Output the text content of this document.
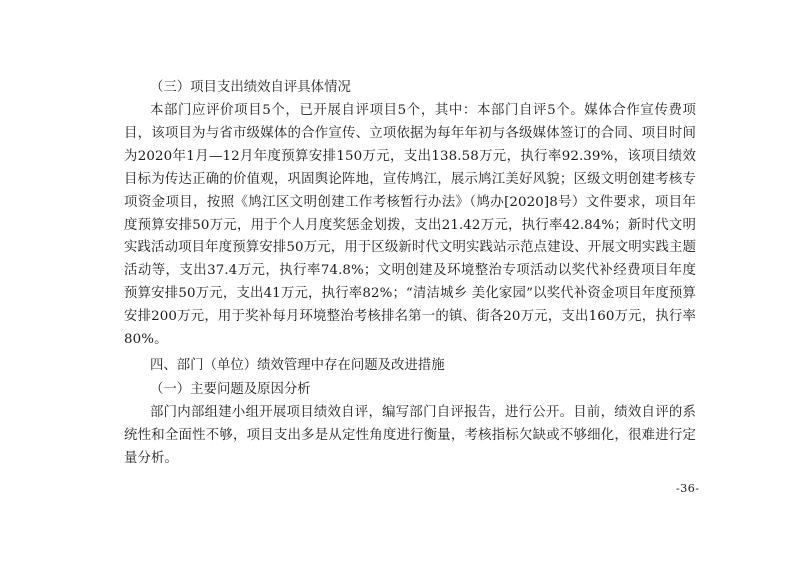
（三）项目支出绩效自评具体情况

本部门应评价项目5个，已开展自评项目5个，其中：本部门自评5个。媒体合作宣传费项目，该项目为与省市级媒体的合作宣传、立项依据为每年年初与各级媒体签订的合同、项目时间为2020年1月—12月年度预算安排150万元，支出138.58万元，执行率92.39%，该项目绩效目标为传达正确的价值观，巩固舆论阵地，宣传鸠江，展示鸠江美好风貌；区级文明创建考核专项资金项目，按照《鸠江区文明创建工作考核暂行办法》（鸠办[2020]8号）文件要求，项目年度预算安排50万元，用于个人月度奖惩金划拨，支出21.42万元，执行率42.84%；新时代文明实践活动项目年度预算安排50万元，用于区级新时代文明实践站示范点建设、开展文明实践主题活动等，支出37.4万元，执行率74.8%；文明创建及环境整治专项活动以奖代补经费项目年度预算安排50万元，支出41万元，执行率82%；“清洁城乡 美化家园”以奖代补资金项目年度预算安排200万元，用于奖补每月环境整治考核排名第一的镇、街各20万元，支出160万元，执行率80%。

四、部门（单位）绩效管理中存在问题及改进措施

（一）主要问题及原因分析

部门内部组建小组开展项目绩效自评，编写部门自评报告，进行公开。目前，绩效自评的系统性和全面性不够，项目支出多是从定性角度进行衡量，考核指标欠缺或不够细化，很难进行定量分析。

-36-
